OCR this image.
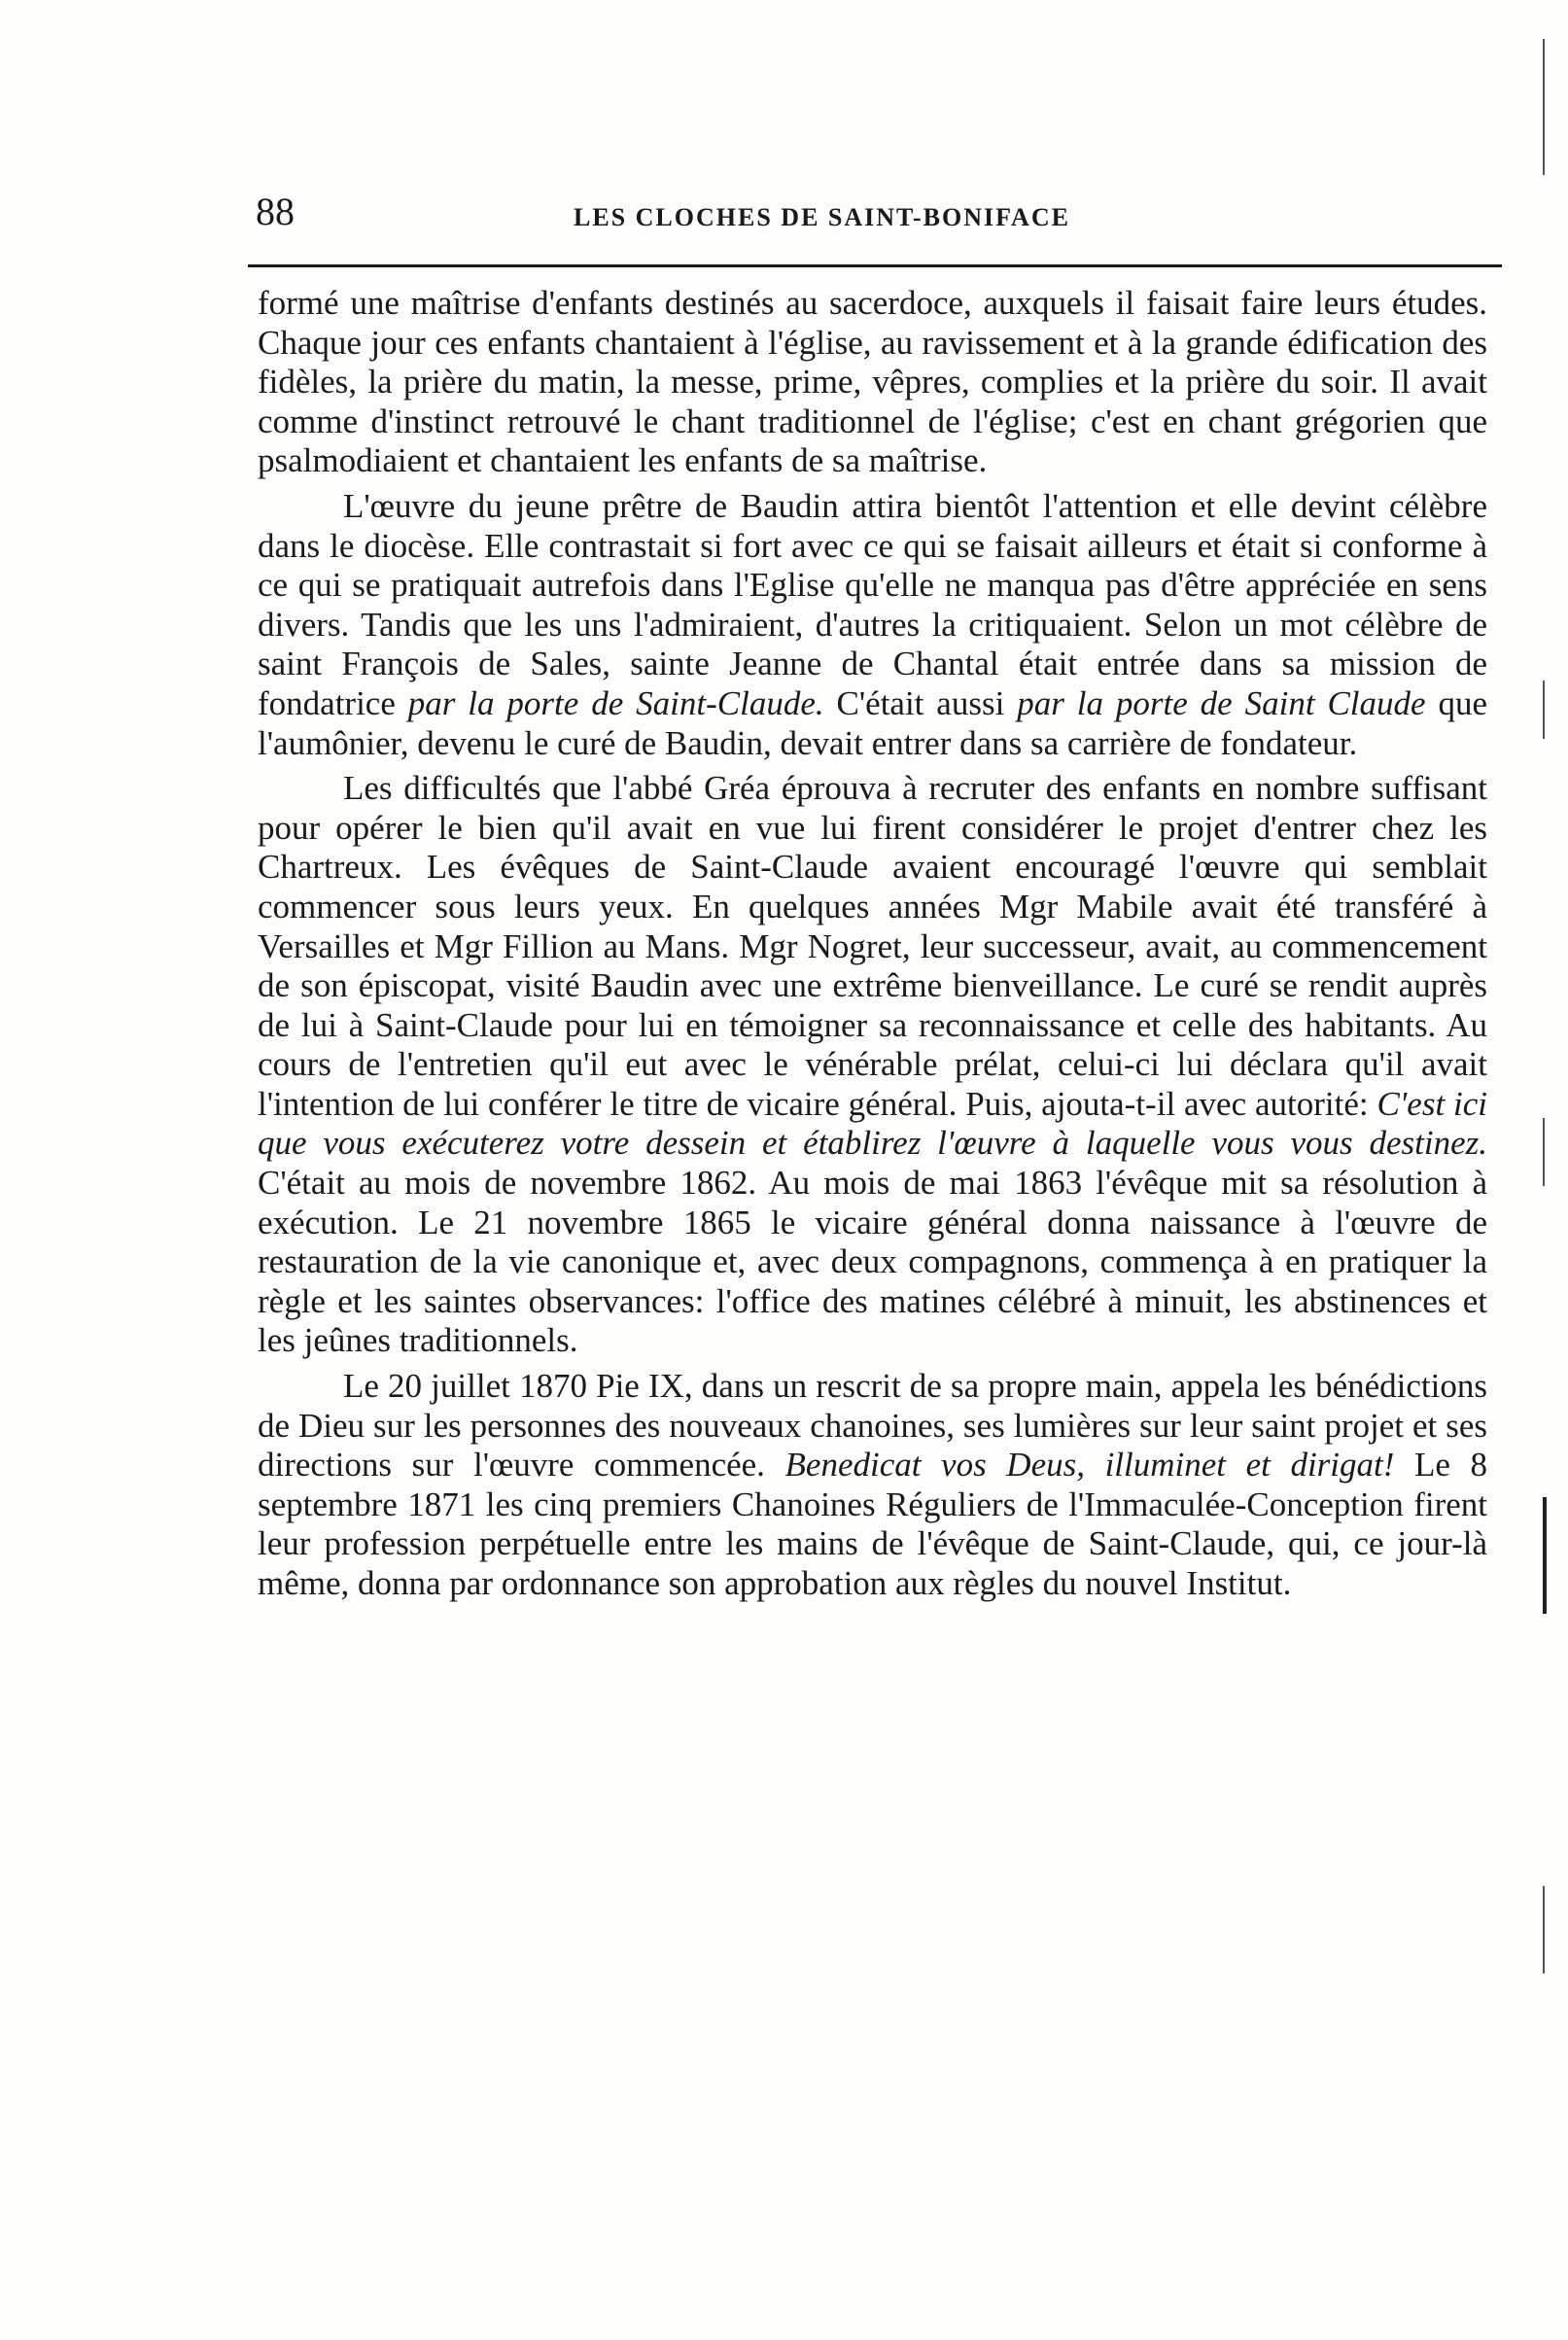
88	LES CLOCHES DE SAINT-BONIFACE

formé une maîtrise d'enfants destinés au sacerdoce, auxquels il faisait faire leurs études. Chaque jour ces enfants chantaient à l'église, au ravissement et à la grande édification des fidèles, la prière du matin, la messe, prime, vêpres, complies et la prière du soir. Il avait comme d'instinct retrouvé le chant traditionnel de l'église; c'est en chant grégorien que psalmodiaient et chantaient les enfants de sa maîtrise.

L'œuvre du jeune prêtre de Baudin attira bientôt l'attention et elle devint célèbre dans le diocèse. Elle contrastait si fort avec ce qui se faisait ailleurs et était si conforme à ce qui se pratiquait autrefois dans l'Eglise qu'elle ne manqua pas d'être appréciée en sens divers. Tandis que les uns l'admiraient, d'autres la critiquaient. Selon un mot célèbre de saint François de Sales, sainte Jeanne de Chantal était entrée dans sa mission de fondatrice par la porte de Saint-Claude. C'était aussi par la porte de Saint Claude que l'aumônier, devenu le curé de Baudin, devait entrer dans sa carrière de fondateur.

Les difficultés que l'abbé Gréa éprouva à recruter des enfants en nombre suffisant pour opérer le bien qu'il avait en vue lui firent considérer le projet d'entrer chez les Chartreux. Les évêques de Saint-Claude avaient encouragé l'œuvre qui semblait commencer sous leurs yeux. En quelques années Mgr Mabile avait été transféré à Versailles et Mgr Fillion au Mans. Mgr Nogret, leur successeur, avait, au commencement de son épiscopat, visité Baudin avec une extrême bienveillance. Le curé se rendit auprès de lui à Saint-Claude pour lui en témoigner sa reconnaissance et celle des habitants. Au cours de l'entretien qu'il eut avec le vénérable prélat, celui-ci lui déclara qu'il avait l'intention de lui conférer le titre de vicaire général. Puis, ajouta-t-il avec autorité: C'est ici que vous exécuterez votre dessein et établirez l'œuvre à laquelle vous vous destinez. C'était au mois de novembre 1862. Au mois de mai 1863 l'évêque mit sa résolution à exécution. Le 21 novembre 1865 le vicaire général donna naissance à l'œuvre de restauration de la vie canonique et, avec deux compagnons, commença à en pratiquer la règle et les saintes observances: l'office des matines célébré à minuit, les abstinences et les jeûnes traditionnels.

Le 20 juillet 1870 Pie IX, dans un rescrit de sa propre main, appela les bénédictions de Dieu sur les personnes des nouveaux chanoines, ses lumières sur leur saint projet et ses directions sur l'œuvre commencée. Benedicat vos Deus, illuminet et dirigat! Le 8 septembre 1871 les cinq premiers Chanoines Réguliers de l'Immaculée-Conception firent leur profession perpétuelle entre les mains de l'évêque de Saint-Claude, qui, ce jour-là même, donna par ordonnance son approbation aux règles du nouvel Institut.
